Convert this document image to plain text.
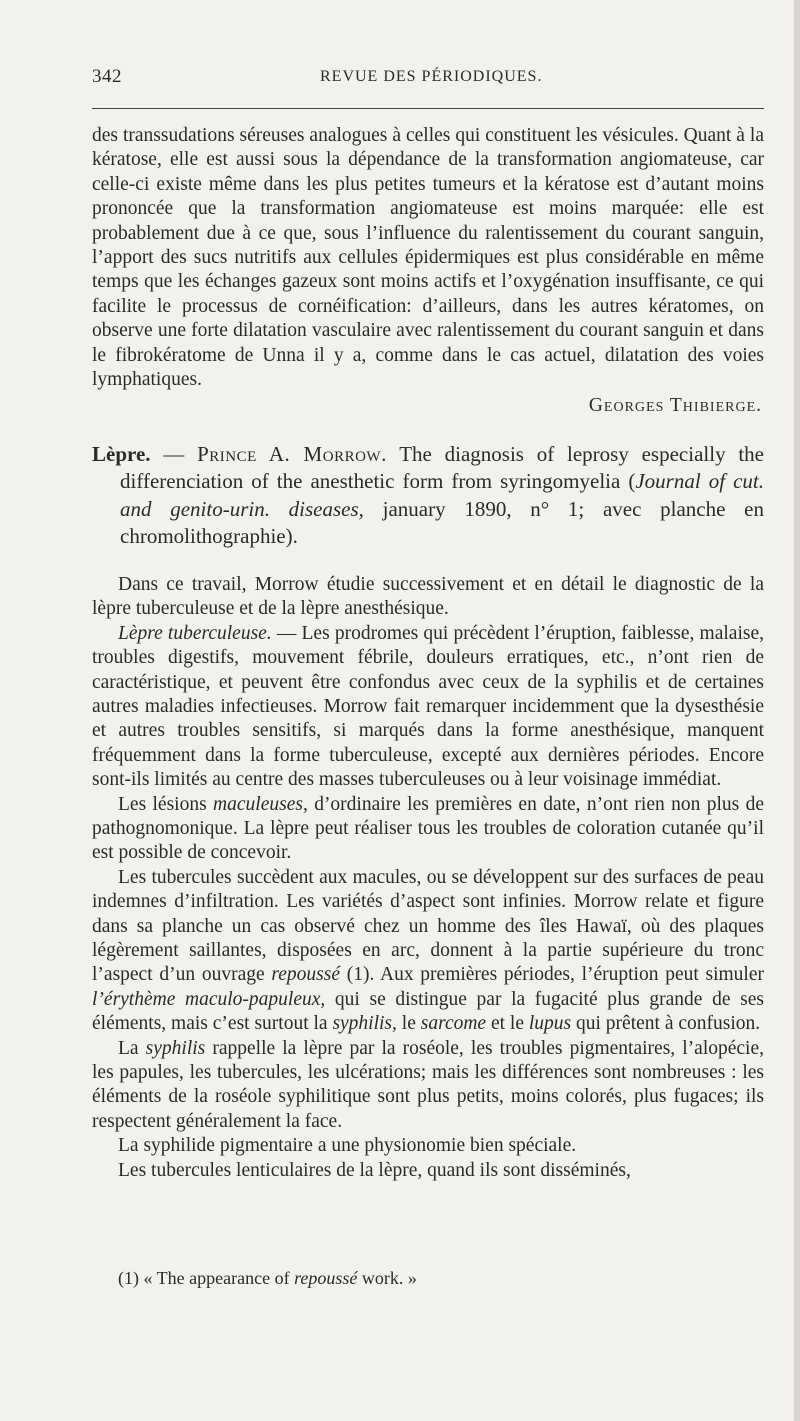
342	REVUE DES PÉRIODIQUES.

des transsudations séreuses analogues à celles qui constituent les vésicules. Quant à la kératose, elle est aussi sous la dépendance de la transformation angiomateuse, car celle-ci existe même dans les plus petites tumeurs et la kératose est d’autant moins prononcée que la transformation angiomateuse est moins marquée: elle est probablement due à ce que, sous l’influence du ralentissement du courant sanguin, l’apport des sucs nutritifs aux cellules épidermiques est plus considérable en même temps que les échanges gazeux sont moins actifs et l’oxygénation insuffisante, ce qui facilite le processus de cornéification: d’ailleurs, dans les autres kératomes, on observe une forte dilatation vasculaire avec ralentissement du courant sanguin et dans le fibrokératome de Unna il y a, comme dans le cas actuel, dilatation des voies lymphatiques.

Georges Thibierge.

Lèpre. — Prince A. Morrow. The diagnosis of leprosy especially the differenciation of the anesthetic form from syringomyelia (Journal of cut. and genito-urin. diseases, january 1890, n° 1; avec planche en chromolithographie).

Dans ce travail, Morrow étudie successivement et en détail le diagnostic de la lèpre tuberculeuse et de la lèpre anesthésique.

Lèpre tuberculeuse. — Les prodromes qui précèdent l’éruption, faiblesse, malaise, troubles digestifs, mouvement fébrile, douleurs erratiques, etc., n’ont rien de caractéristique, et peuvent être confondus avec ceux de la syphilis et de certaines autres maladies infectieuses. Morrow fait remarquer incidemment que la dysesthésie et autres troubles sensitifs, si marqués dans la forme anesthésique, manquent fréquemment dans la forme tuberculeuse, excepté aux dernières périodes. Encore sont-ils limités au centre des masses tuberculeuses ou à leur voisinage immédiat.

Les lésions maculeuses, d’ordinaire les premières en date, n’ont rien non plus de pathognomonique. La lèpre peut réaliser tous les troubles de coloration cutanée qu’il est possible de concevoir.

Les tubercules succèdent aux macules, ou se développent sur des surfaces de peau indemnes d’infiltration. Les variétés d’aspect sont infinies. Morrow relate et figure dans sa planche un cas observé chez un homme des îles Hawaï, où des plaques légèrement saillantes, disposées en arc, donnent à la partie supérieure du tronc l’aspect d’un ouvrage repoussé (1). Aux premières périodes, l’éruption peut simuler l’érythème maculo-papuleux, qui se distingue par la fugacité plus grande de ses éléments, mais c’est surtout la syphilis, le sarcome et le lupus qui prêtent à confusion.

La syphilis rappelle la lèpre par la roséole, les troubles pigmentaires, l’alopécie, les papules, les tubercules, les ulcérations; mais les différences sont nombreuses : les éléments de la roséole syphilitique sont plus petits, moins colorés, plus fugaces; ils respectent généralement la face.

La syphilide pigmentaire a une physionomie bien spéciale.

Les tubercules lenticulaires de la lèpre, quand ils sont disséminés,

(1) « The appearance of repoussé work. »
